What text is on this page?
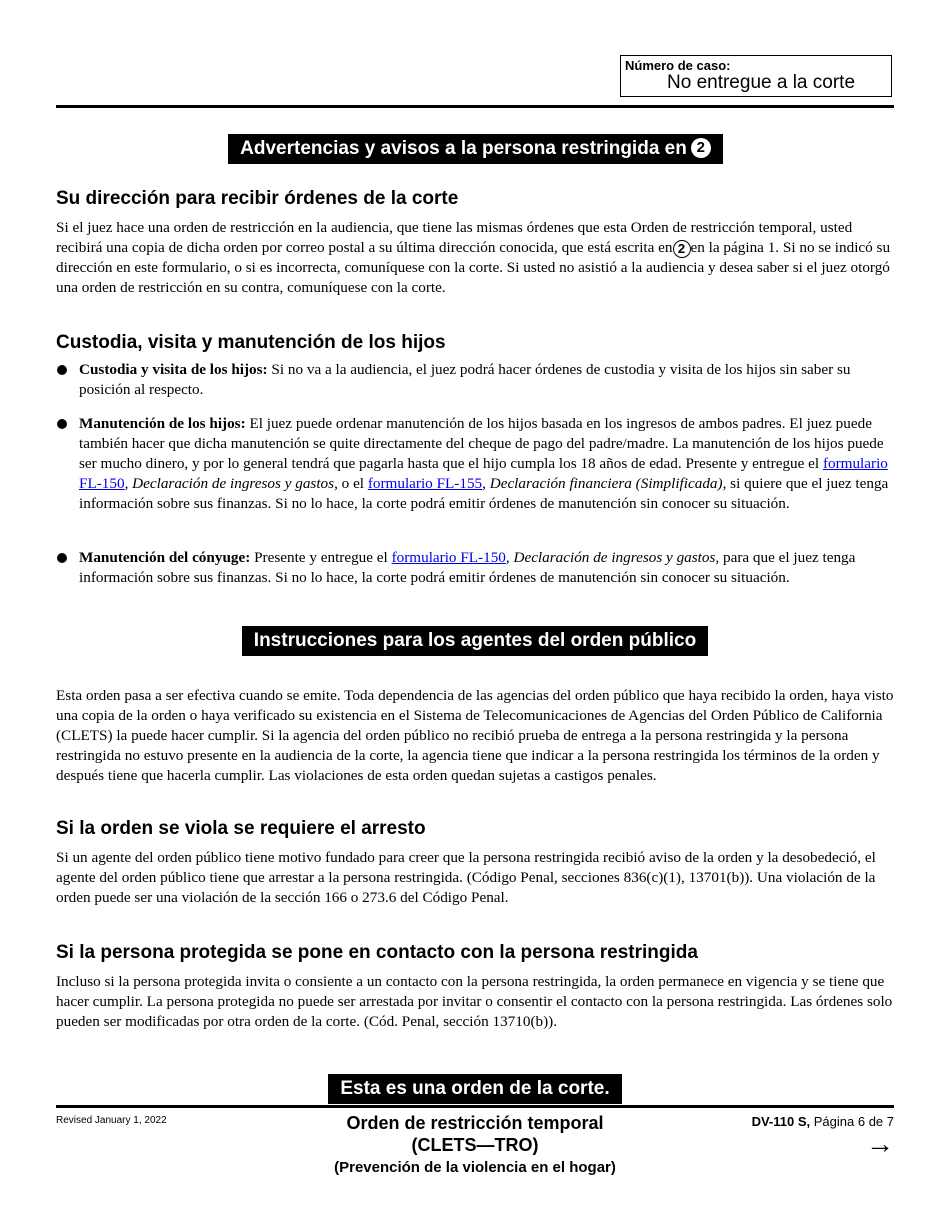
Número de caso:
No entregue a la corte
Advertencias y avisos a la persona restringida en 2
Su dirección para recibir órdenes de la corte
Si el juez hace una orden de restricción en la audiencia, que tiene las mismas órdenes que esta Orden de restricción temporal, usted recibirá una copia de dicha orden por correo postal a su última dirección conocida, que está escrita en 2 en la página 1. Si no se indicó su dirección en este formulario, o si es incorrecta, comuníquese con la corte. Si usted no asistió a la audiencia y desea saber si el juez otorgó una orden de restricción en su contra, comuníquese con la corte.
Custodia, visita y manutención de los hijos
Custodia y visita de los hijos: Si no va a la audiencia, el juez podrá hacer órdenes de custodia y visita de los hijos sin saber su posición al respecto.
Manutención de los hijos: El juez puede ordenar manutención de los hijos basada en los ingresos de ambos padres. El juez puede también hacer que dicha manutención se quite directamente del cheque de pago del padre/madre. La manutención de los hijos puede ser mucho dinero, y por lo general tendrá que pagarla hasta que el hijo cumpla los 18 años de edad. Presente y entregue el formulario FL-150, Declaración de ingresos y gastos, o el formulario FL-155, Declaración financiera (Simplificada), si quiere que el juez tenga información sobre sus finanzas. Si no lo hace, la corte podrá emitir órdenes de manutención sin conocer su situación.
Manutención del cónyuge: Presente y entregue el formulario FL-150, Declaración de ingresos y gastos, para que el juez tenga información sobre sus finanzas. Si no lo hace, la corte podrá emitir órdenes de manutención sin conocer su situación.
Instrucciones para los agentes del orden público
Esta orden pasa a ser efectiva cuando se emite. Toda dependencia de las agencias del orden público que haya recibido la orden, haya visto una copia de la orden o haya verificado su existencia en el Sistema de Telecomunicaciones de Agencias del Orden Público de California (CLETS) la puede hacer cumplir. Si la agencia del orden público no recibió prueba de entrega a la persona restringida y la persona restringida no estuvo presente en la audiencia de la corte, la agencia tiene que indicar a la persona restringida los términos de la orden y después tiene que hacerla cumplir. Las violaciones de esta orden quedan sujetas a castigos penales.
Si la orden se viola se requiere el arresto
Si un agente del orden público tiene motivo fundado para creer que la persona restringida recibió aviso de la orden y la desobedeció, el agente del orden público tiene que arrestar a la persona restringida. (Código Penal, secciones 836(c)(1), 13701(b)). Una violación de la orden puede ser una violación de la sección 166 o 273.6 del Código Penal.
Si la persona protegida se pone en contacto con la persona restringida
Incluso si la persona protegida invita o consiente a un contacto con la persona restringida, la orden permanece en vigencia y se tiene que hacer cumplir. La persona protegida no puede ser arrestada por invitar o consentir el contacto con la persona restringida. Las órdenes solo pueden ser modificadas por otra orden de la corte. (Cód. Penal, sección 13710(b)).
Esta es una orden de la corte.
Revised January 1, 2022	Orden de restricción temporal
(CLETS—TRO)
(Prevención de la violencia en el hogar)
DV-110 S, Página 6 de 7
→
